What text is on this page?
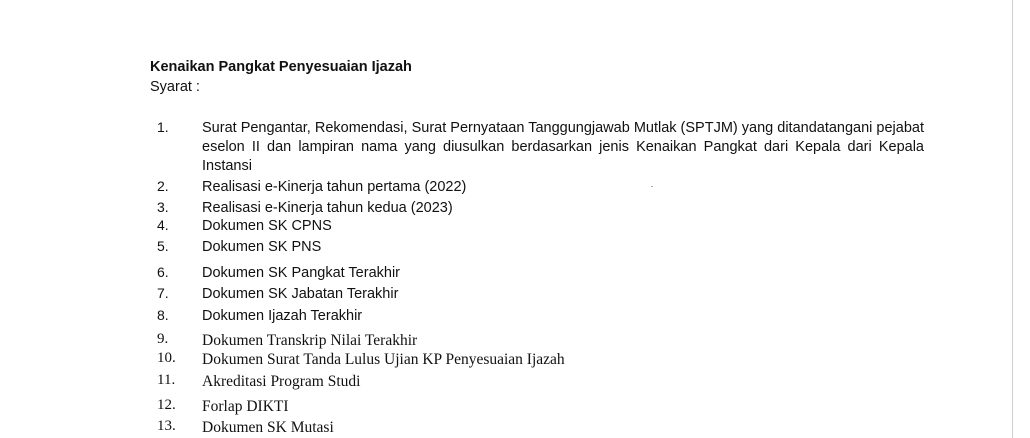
Kenaikan Pangkat Penyesuaian Ijazah
Syarat :
1. Surat Pengantar, Rekomendasi, Surat Pernyataan Tanggungjawab Mutlak (SPTJM) yang ditandatangani pejabat eselon II dan lampiran nama yang diusulkan berdasarkan jenis Kenaikan Pangkat dari Kepala dari Kepala Instansi
2. Realisasi e-Kinerja tahun pertama (2022)
3. Realisasi e-Kinerja tahun kedua (2023)
4. Dokumen SK CPNS
5. Dokumen SK PNS
6. Dokumen SK Pangkat Terakhir
7. Dokumen SK Jabatan Terakhir
8. Dokumen Ijazah Terakhir
9. Dokumen Transkrip Nilai Terakhir
10. Dokumen Surat Tanda Lulus Ujian KP Penyesuaian Ijazah
11. Akreditasi Program Studi
12. Forlap DIKTI
13. Dokumen SK Mutasi
